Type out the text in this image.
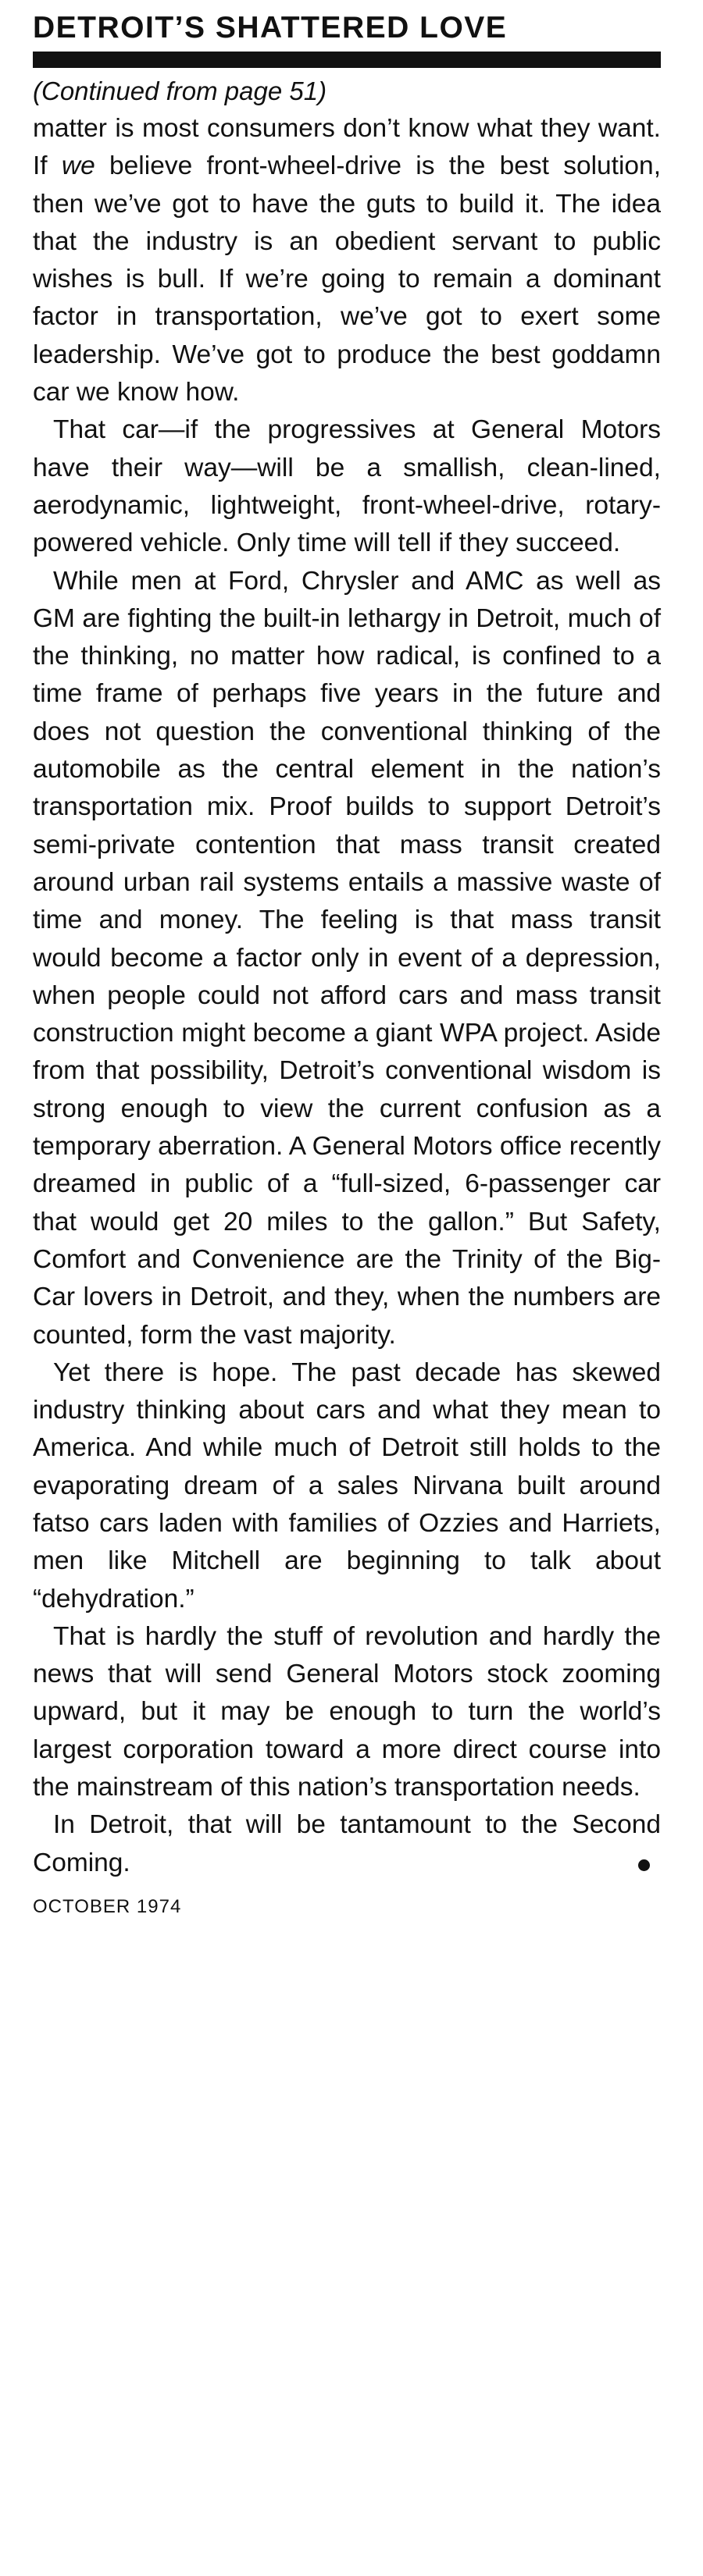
DETROIT’S SHATTERED LOVE
(Continued from page 51)

matter is most consumers don’t know what they want. If we believe front-wheel-drive is the best solution, then we’ve got to have the guts to build it. The idea that the industry is an obedient servant to public wishes is bull. If we’re going to remain a dominant factor in transportation, we’ve got to exert some leadership. We’ve got to produce the best goddamn car we know how.

That car—if the progressives at General Motors have their way—will be a smallish, clean-lined, aerodynamic, lightweight, front-wheel-drive, rotary-powered vehicle. Only time will tell if they succeed.

While men at Ford, Chrysler and AMC as well as GM are fighting the built-in lethargy in Detroit, much of the thinking, no matter how radical, is confined to a time frame of perhaps five years in the future and does not question the conventional thinking of the automobile as the central element in the nation’s transportation mix. Proof builds to support Detroit’s semi-private contention that mass transit created around urban rail systems entails a massive waste of time and money. The feeling is that mass transit would become a factor only in event of a depression, when people could not afford cars and mass transit construction might become a giant WPA project. Aside from that possibility, Detroit’s conventional wisdom is strong enough to view the current confusion as a temporary aberration. A General Motors office recently dreamed in public of a “full-sized, 6-passenger car that would get 20 miles to the gallon.” But Safety, Comfort and Convenience are the Trinity of the Big-Car lovers in Detroit, and they, when the numbers are counted, form the vast majority.

Yet there is hope. The past decade has skewed industry thinking about cars and what they mean to America. And while much of Detroit still holds to the evaporating dream of a sales Nirvana built around fatso cars laden with families of Ozzies and Harriets, men like Mitchell are beginning to talk about “dehydration.”

That is hardly the stuff of revolution and hardly the news that will send General Motors stock zooming upward, but it may be enough to turn the world’s largest corporation toward a more direct course into the mainstream of this nation’s transportation needs.

In Detroit, that will be tantamount to the Second Coming.

OCTOBER 1974
